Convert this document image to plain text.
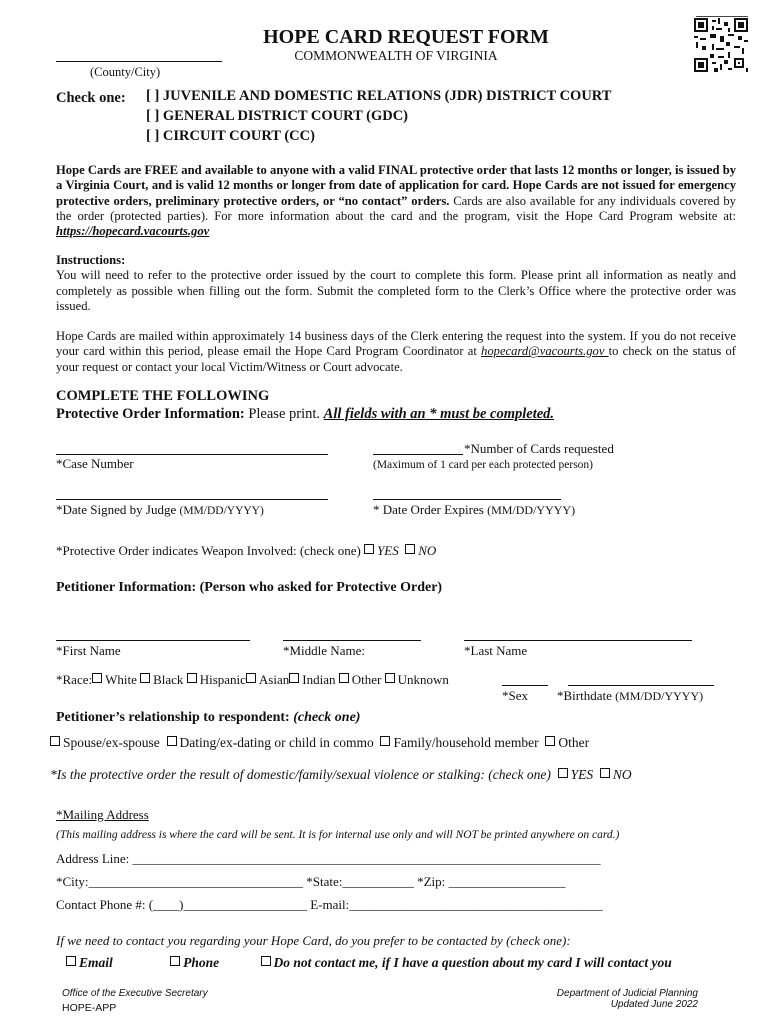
HOPE CARD REQUEST FORM
COMMONWEALTH OF VIRGINIA
(County/City)
Check one: [ ] JUVENILE AND DOMESTIC RELATIONS (JDR) DISTRICT COURT
[ ] GENERAL DISTRICT COURT (GDC)
[ ] CIRCUIT COURT (CC)
Hope Cards are FREE and available to anyone with a valid FINAL protective order that lasts 12 months or longer, is issued by a Virginia Court, and is valid 12 months or longer from date of application for card. Hope Cards are not issued for emergency protective orders, preliminary protective orders, or “no contact” orders. Cards are also available for any individuals covered by the order (protected parties). For more information about the card and the program, visit the Hope Card Program website at: https://hopecard.vacourts.gov
Instructions:
You will need to refer to the protective order issued by the court to complete this form. Please print all information as neatly and completely as possible when filling out the form. Submit the completed form to the Clerk’s Office where the protective order was issued.
Hope Cards are mailed within approximately 14 business days of the Clerk entering the request into the system. If you do not receive your card within this period, please email the Hope Card Program Coordinator at hopecard@vacourts.gov to check on the status of your request or contact your local Victim/Witness or Court advocate.
COMPLETE THE FOLLOWING
Protective Order Information: Please print. All fields with an * must be completed.
*Case Number
*Number of Cards requested
(Maximum of 1 card per each protected person)
*Date Signed by Judge (MM/DD/YYYY)	* Date Order Expires (MM/DD/YYYY)
*Protective Order indicates Weapon Involved: (check one) YES NO
Petitioner Information: (Person who asked for Protective Order)
*First Name	*Middle Name:	*Last Name
*Race: White Black Hispanic Asian Indian Other Unknown
*Sex *Birthdate (MM/DD/YYYY)
Petitioner’s relationship to respondent: (check one)
Spouse/ex-spouse Dating/ex-dating or child in commo Family/household member Other
*Is the protective order the result of domestic/family/sexual violence or stalking: (check one) YES NO
*Mailing Address
(This mailing address is where the card will be sent. It is for internal use only and will NOT be printed anywhere on card.)
Address Line: ________________________________________________________________________
*City:_________________________________ *State:___________ *Zip: __________________
Contact Phone #: (____)___________________ E-mail:_______________________________________
If we need to contact you regarding your Hope Card, do you prefer to be contacted by (check one):
Email	Phone	Do not contact me, if I have a question about my card I will contact you
Office of the Executive Secretary
HOPE-APP
Department of Judicial Planning
Updated June 2022
